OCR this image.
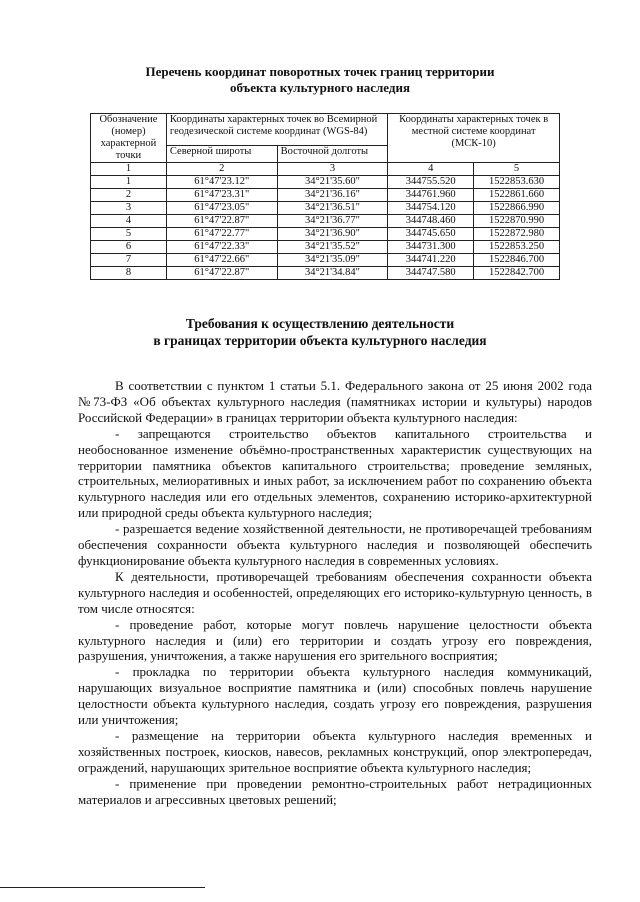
Перечень координат поворотных точек границ территории
объекта культурного наследия
Обозначение (номер) характерной точки	Координаты характерных точек во Всемирной геодезической системе координат (WGS-84)		Координаты характерных точек в местной системе координат (МСК-10)	
	Северной широты	Восточной долготы		
1	2	3	4	5
1	61°47'23.12"	34°21'35.60"	344755.520	1522853.630
2	61°47'23.31"	34°21'36.16"	344761.960	1522861.660
3	61°47'23.05"	34°21'36.51"	344754.120	1522866.990
4	61°47'22.87"	34°21'36.77"	344748.460	1522870.990
5	61°47'22.77"	34°21'36.90"	344745.650	1522872.980
6	61°47'22.33"	34°21'35.52"	344731.300	1522853.250
7	61°47'22.66"	34°21'35.09"	344741.220	1522846.700
8	61°47'22.87"	34°21'34.84"	344747.580	1522842.700
Требования к осуществлению деятельности
в границах территории объекта культурного наследия

В соответствии с пунктом 1 статьи 5.1. Федерального закона от 25 июня 2002 года №73-ФЗ «Об объектах культурного наследия (памятниках истории и культуры) народов Российской Федерации» в границах территории объекта культурного наследия:

- запрещаются строительство объектов капитального строительства и необоснованное изменение объёмно-пространственных характеристик существующих на территории памятника объектов капитального строительства; проведение земляных, строительных, мелиоративных и иных работ, за исключением работ по сохранению объекта культурного наследия или его отдельных элементов, сохранению историко-архитектурной или природной среды объекта культурного наследия;

- разрешается ведение хозяйственной деятельности, не противоречащей требованиям обеспечения сохранности объекта культурного наследия и позволяющей обеспечить функционирование объекта культурного наследия в современных условиях.

К деятельности, противоречащей требованиям обеспечения сохранности объекта культурного наследия и особенностей, определяющих его историко-культурную ценность, в том числе относятся:

- проведение работ, которые могут повлечь нарушение целостности объекта культурного наследия и (или) его территории и создать угрозу его повреждения, разрушения, уничтожения, а также нарушения его зрительного восприятия;

- прокладка по территории объекта культурного наследия коммуникаций, нарушающих визуальное восприятие памятника и (или) способных повлечь нарушение целостности объекта культурного наследия, создать угрозу его повреждения, разрушения или уничтожения;

- размещение на территории объекта культурного наследия временных и хозяйственных построек, киосков, навесов, рекламных конструкций, опор электропередач, ограждений, нарушающих зрительное восприятие объекта культурного наследия;

- применение при проведении ремонтно-строительных работ нетрадиционных материалов и агрессивных цветовых решений;
